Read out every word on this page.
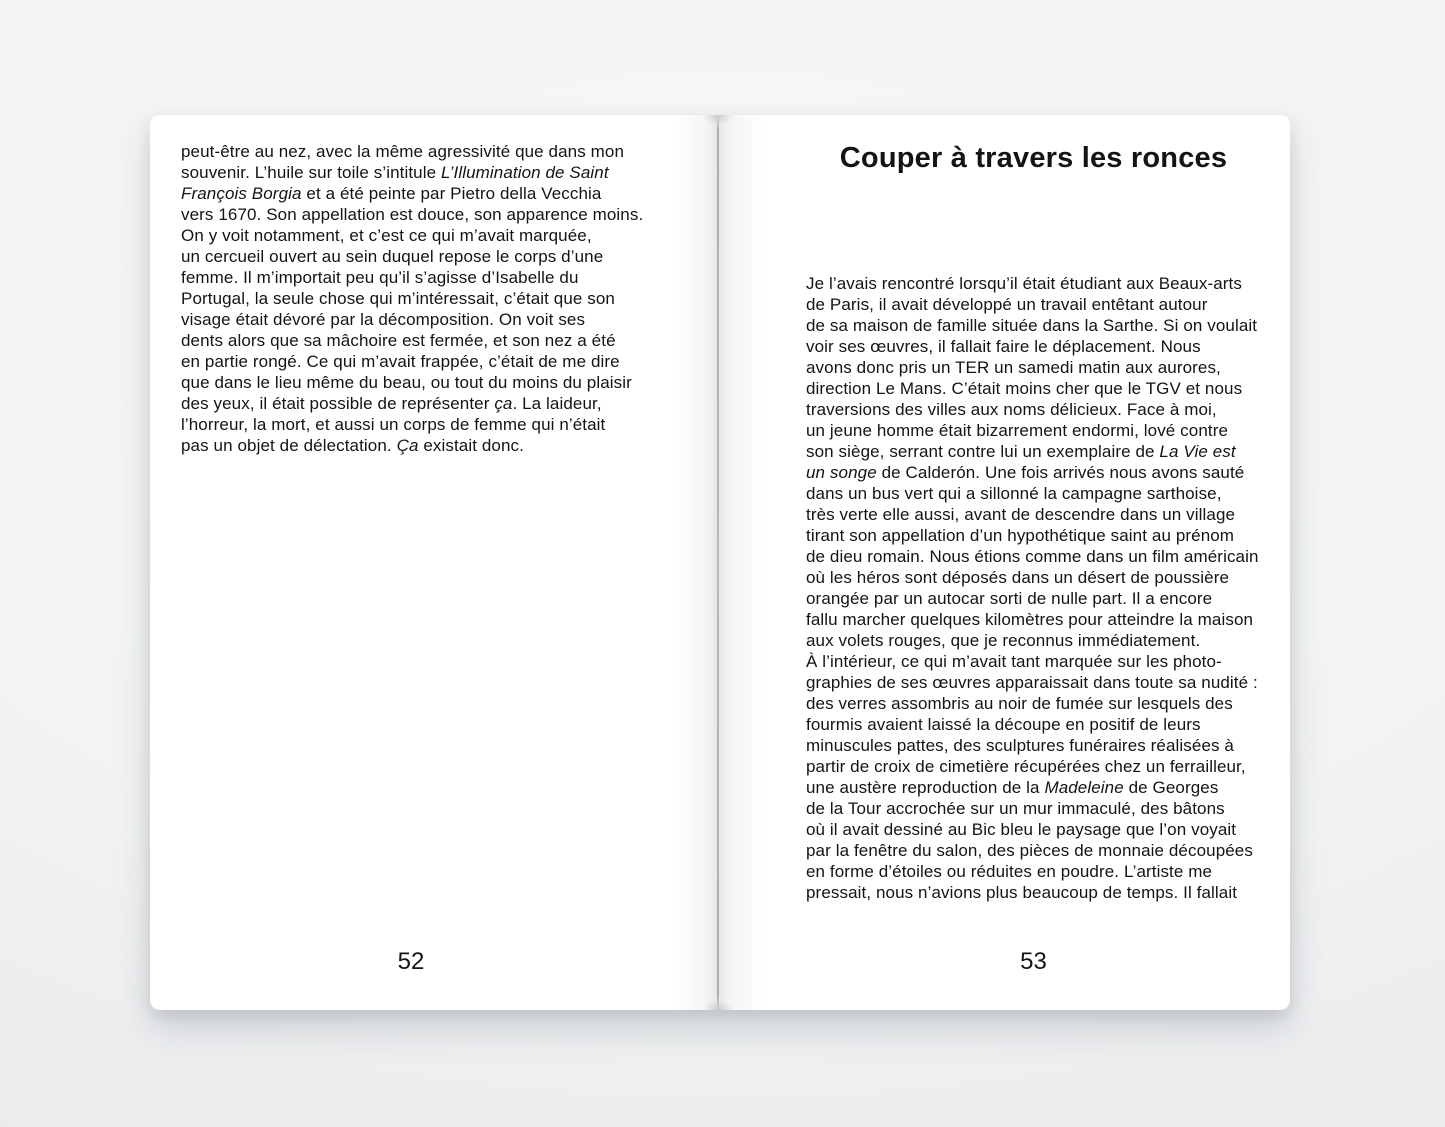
peut-être au nez, avec la même agressivité que dans mon
souvenir. L’huile sur toile s’intitule L’Illumination de Saint
François Borgia et a été peinte par Pietro della Vecchia
vers 1670. Son appellation est douce, son apparence moins.
On y voit notamment, et c’est ce qui m’avait marquée,
un cercueil ouvert au sein duquel repose le corps d’une
femme. Il m’importait peu qu’il s’agisse d’Isabelle du
Portugal, la seule chose qui m’intéressait, c’était que son
visage était dévoré par la décomposition. On voit ses
dents alors que sa mâchoire est fermée, et son nez a été
en partie rongé. Ce qui m’avait frappée, c’était de me dire
que dans le lieu même du beau, ou tout du moins du plaisir
des yeux, il était possible de représenter ça. La laideur,
l’horreur, la mort, et aussi un corps de femme qui n’était
pas un objet de délectation. Ça existait donc.
52
Couper à travers les ronces
Je l’avais rencontré lorsqu’il était étudiant aux Beaux-arts
de Paris, il avait développé un travail entêtant autour
de sa maison de famille située dans la Sarthe. Si on voulait
voir ses œuvres, il fallait faire le déplacement. Nous
avons donc pris un TER un samedi matin aux aurores,
direction Le Mans. C’était moins cher que le TGV et nous
traversions des villes aux noms délicieux. Face à moi,
un jeune homme était bizarrement endormi, lové contre
son siège, serrant contre lui un exemplaire de La Vie est
un songe de Calderón. Une fois arrivés nous avons sauté
dans un bus vert qui a sillonné la campagne sarthoise,
très verte elle aussi, avant de descendre dans un village
tirant son appellation d’un hypothétique saint au prénom
de dieu romain. Nous étions comme dans un film américain
où les héros sont déposés dans un désert de poussière
orangée par un autocar sorti de nulle part. Il a encore
fallu marcher quelques kilomètres pour atteindre la maison
aux volets rouges, que je reconnus immédiatement.
À l’intérieur, ce qui m’avait tant marquée sur les photo-
graphies de ses œuvres apparaissait dans toute sa nudité :
des verres assombris au noir de fumée sur lesquels des
fourmis avaient laissé la découpe en positif de leurs
minuscules pattes, des sculptures funéraires réalisées à
partir de croix de cimetière récupérées chez un ferrailleur,
une austère reproduction de la Madeleine de Georges
de la Tour accrochée sur un mur immaculé, des bâtons
où il avait dessiné au Bic bleu le paysage que l’on voyait
par la fenêtre du salon, des pièces de monnaie découpées
en forme d’étoiles ou réduites en poudre. L’artiste me
pressait, nous n’avions plus beaucoup de temps. Il fallait
53
